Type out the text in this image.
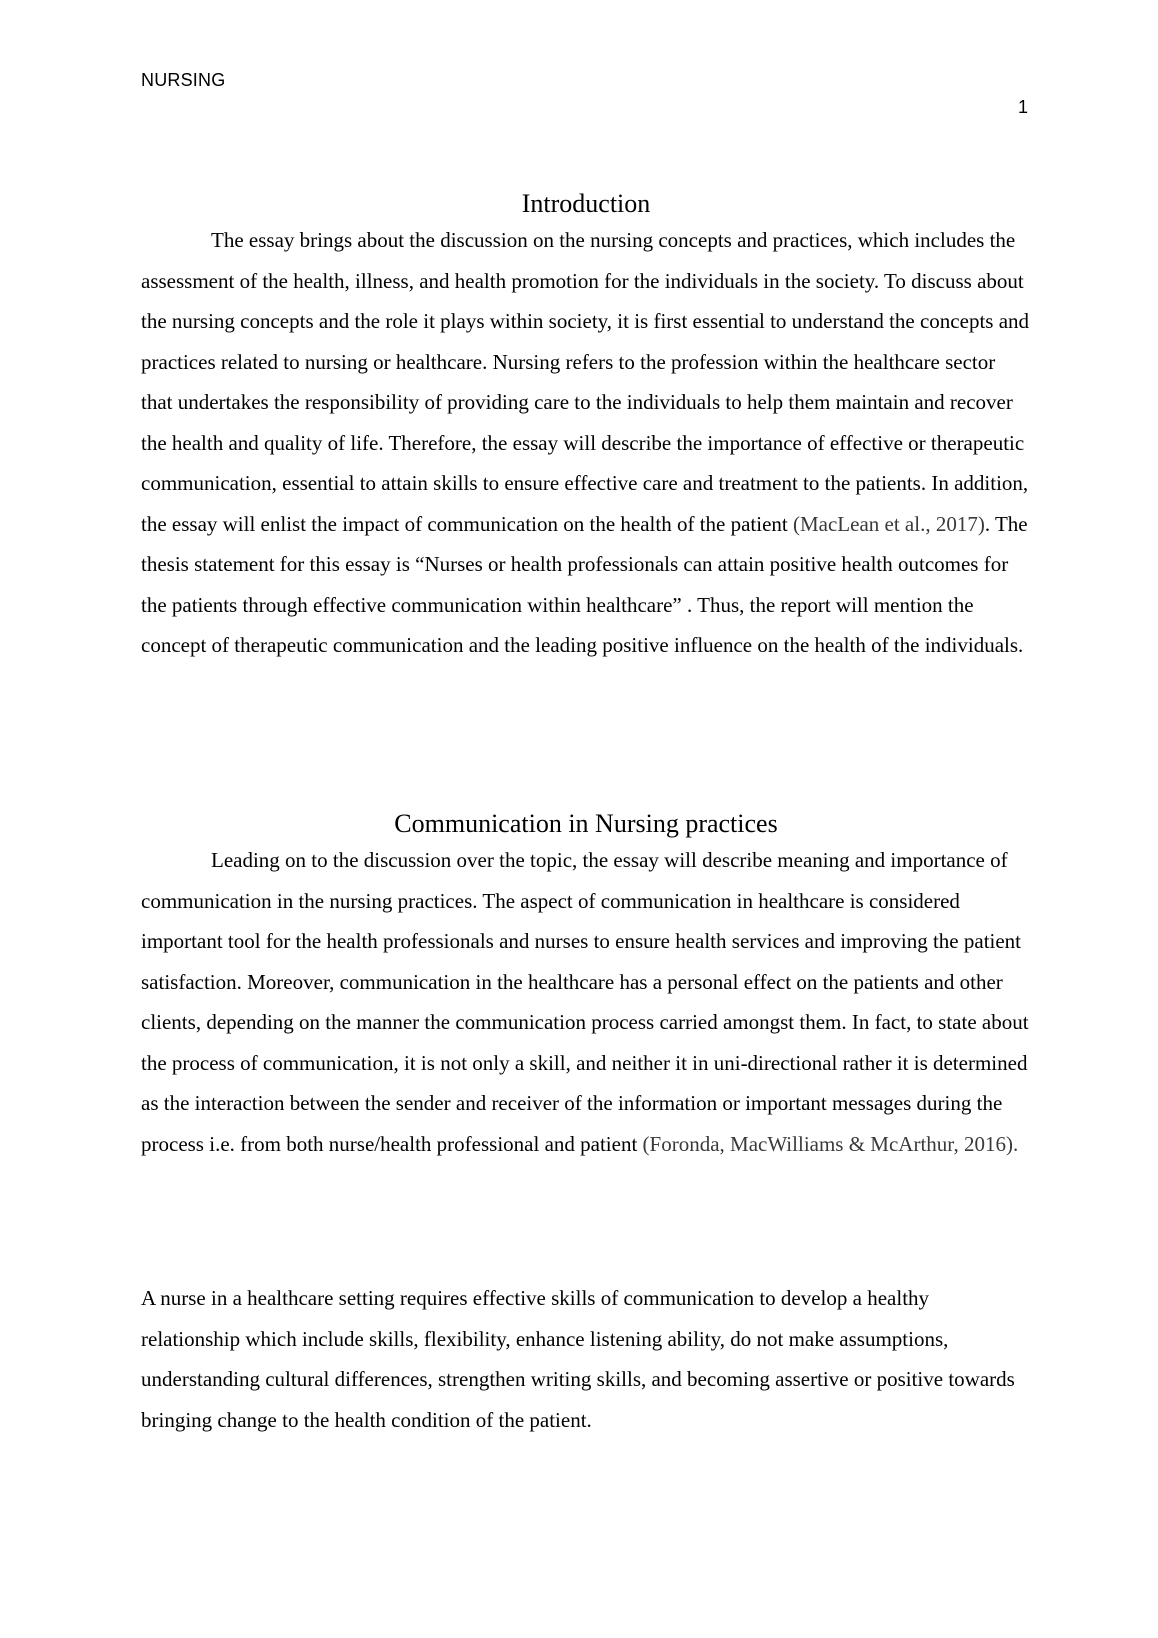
NURSING
1
Introduction

The essay brings about the discussion on the nursing concepts and practices, which includes the assessment of the health, illness, and health promotion for the individuals in the society. To discuss about the nursing concepts and the role it plays within society, it is first essential to understand the concepts and practices related to nursing or healthcare. Nursing refers to the profession within the healthcare sector that undertakes the responsibility of providing care to the individuals to help them maintain and recover the health and quality of life. Therefore, the essay will describe the importance of effective or therapeutic communication, essential to attain skills to ensure effective care and treatment to the patients. In addition, the essay will enlist the impact of communication on the health of the patient (MacLean et al., 2017). The thesis statement for this essay is “Nurses or health professionals can attain positive health outcomes for the patients through effective communication within healthcare” . Thus, the report will mention the concept of therapeutic communication and the leading positive influence on the health of the individuals.

Communication in Nursing practices

Leading on to the discussion over the topic, the essay will describe meaning and importance of communication in the nursing practices. The aspect of communication in healthcare is considered important tool for the health professionals and nurses to ensure health services and improving the patient satisfaction. Moreover, communication in the healthcare has a personal effect on the patients and other clients, depending on the manner the communication process carried amongst them. In fact, to state about the process of communication, it is not only a skill, and neither it in uni-directional rather it is determined as the interaction between the sender and receiver of the information or important messages during the process i.e. from both nurse/health professional and patient (Foronda, MacWilliams & McArthur, 2016).

A nurse in a healthcare setting requires effective skills of communication to develop a healthy relationship which include skills, flexibility, enhance listening ability, do not make assumptions, understanding cultural differences, strengthen writing skills, and becoming assertive or positive towards bringing change to the health condition of the patient.
